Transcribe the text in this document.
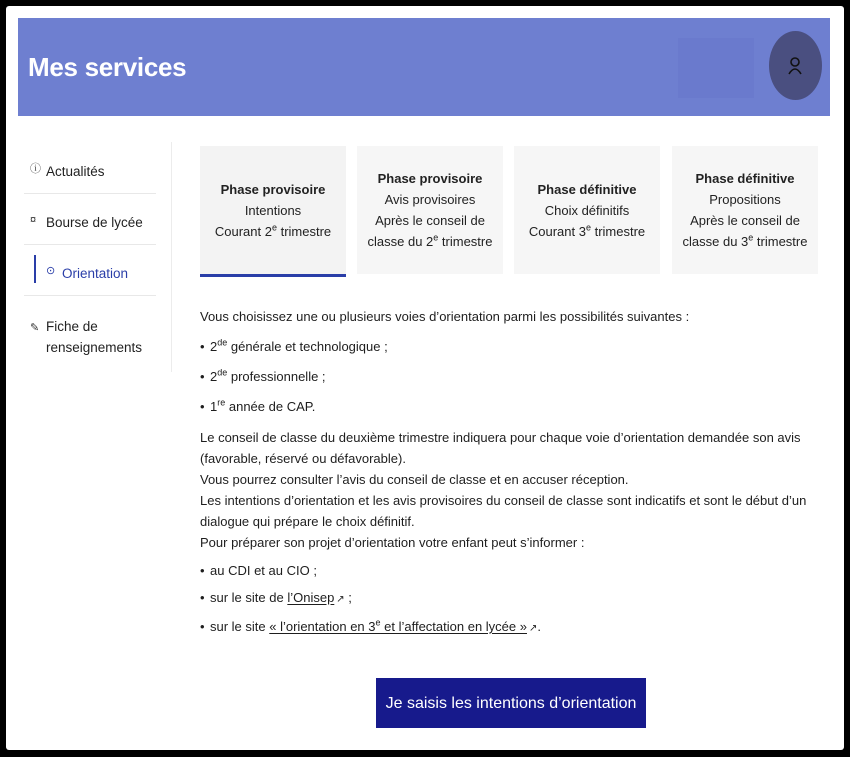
Mes services
ⓘ Actualités
¤ Bourse de lycée
⊙ Orientation
✎ Fiche de
renseignements
Phase provisoire
Intentions
Courant 2e trimestre
Phase provisoire
Avis provisoires
Après le conseil de
classe du 2e trimestre
Phase définitive
Choix définitifs
Courant 3e trimestre
Phase définitive
Propositions
Après le conseil de
classe du 3e trimestre

Vous choisissez une ou plusieurs voies d’orientation parmi les possibilités suivantes :

• 2de générale et technologique ;
• 2de professionnelle ;
• 1re année de CAP.

Le conseil de classe du deuxième trimestre indiquera pour chaque voie d’orientation demandée son avis (favorable, réservé ou défavorable).

Vous pourrez consulter l’avis du conseil de classe et en accuser réception.

Les intentions d’orientation et les avis provisoires du conseil de classe sont indicatifs et sont le début d’un dialogue qui prépare le choix définitif.

Pour préparer son projet d’orientation votre enfant peut s’informer :

• au CDI et au CIO ;
• sur le site de l’Onisep ↗ ;
• sur le site « l’orientation en 3e et l’affectation en lycée » ↗.
Je saisis les intentions d’orientation
